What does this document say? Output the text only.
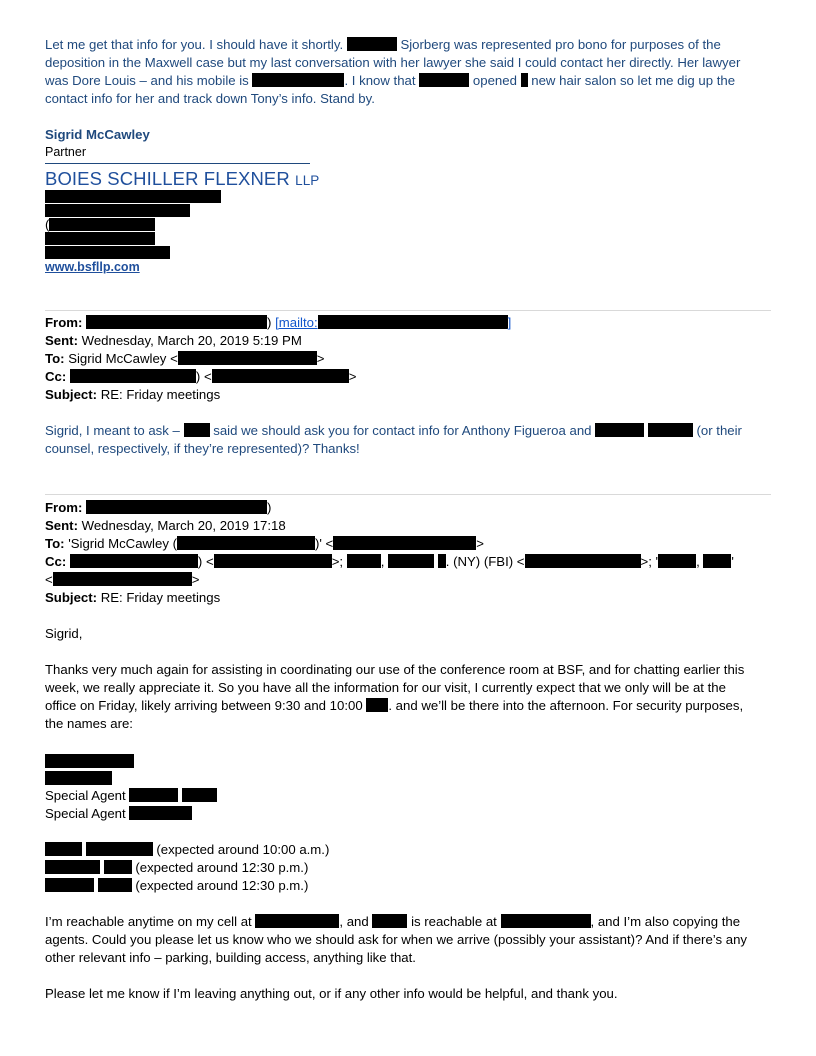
Let me get that info for you. I should have it shortly.	Sjorberg was represented pro bono for purposes of the
deposition in the Maxwell case but my last conversation with her lawyer she said I could contact her directly. Her lawyer
was Dore Louis – and his mobile is	. I know that	opened new hair salon so let me dig up the
contact info for her and track down Tony’s info. Stand by.
Sigrid McCawley
Partner
BOIES SCHILLER FLEXNER LLP
(
www.bsfllp.com
From:	) [mailto:	]
Sent: Wednesday, March 20, 2019 5:19 PM
To: Sigrid McCawley <	>
Cc:	) <	>
Subject: RE: Friday meetings
Sigrid, I meant to ask –	said we should ask you for contact info for Anthony Figueroa and	(or their
counsel, respectively, if they’re represented)? Thanks!
From:	)
Sent: Wednesday, March 20, 2019 17:18
To: 'Sigrid McCawley (	)' <	>
Cc:	) <	>;	,	. (NY) (FBI) <	>; '	, '
<	>
Subject: RE: Friday meetings
Sigrid,
Thanks very much again for assisting in coordinating our use of the conference room at BSF, and for chatting earlier this
week, we really appreciate it. So you have all the information for our visit, I currently expect that we only will be at the
office on Friday, likely arriving between 9:30 and 10:00 . and we’ll be there into the afternoon. For security purposes,
the names are:
Special Agent
Special Agent
(expected around 10:00 a.m.)
(expected around 12:30 p.m.)
(expected around 12:30 p.m.)
I’m reachable anytime on my cell at	, and	is reachable at	, and I’m also copying the
agents. Could you please let us know who we should ask for when we arrive (possibly your assistant)? And if there’s any
other relevant info – parking, building access, anything like that.
Please let me know if I’m leaving anything out, or if any other info would be helpful, and thank you.
